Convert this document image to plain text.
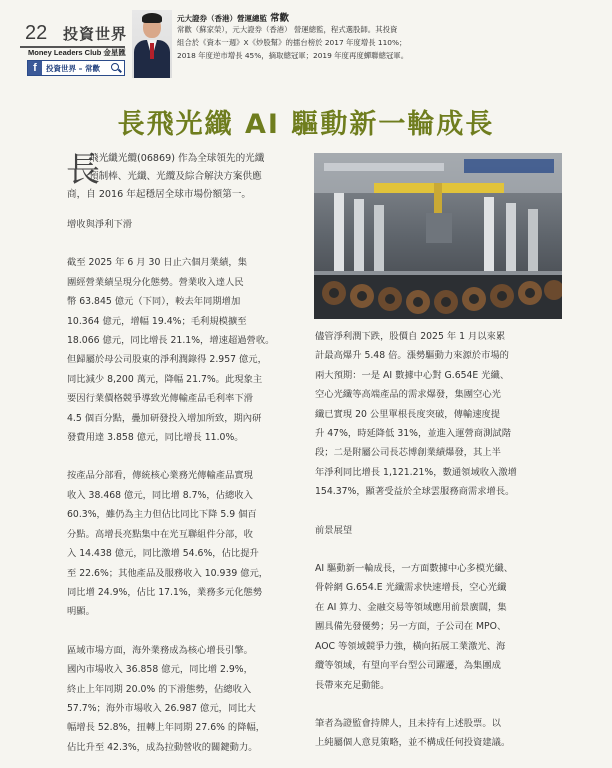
22 投資世界
Money Leaders Club 金星匯
f	投資世界 – 常歡
元大證券（香港）營運總監 常歡
常歡（蘇家榮），元大證券（香港） 營運總監，程式選股師。其投資
組合於《資本一週》X《炒股幫》的擂台榜於 2017 年度增長 110%；
2018 年度逆市增長 45%，摘取總冠軍；2019 年度再度蟬聯總冠軍。
長飛光纖 AI 驅動新一輪成長
長
飛光纖光纜(06869) 作為全球領先的光纖
預制棒、光纖、光纜及綜合解決方案供應
商，自 2016 年起穩居全球市場份額第一。
增收與淨利下滑

截至 2025 年 6 月 30 日止六個月業績，集
團經營業績呈現分化態勢。營業收入達人民
幣 63.845 億元（下同），較去年同期增加
10.364 億元，增幅 19.4%；毛利規模擴至
18.066 億元，同比增長 21.1%，增速超過營收。
但歸屬於母公司股東的淨利潤錄得 2.957 億元，
同比減少 8,200 萬元，降幅 21.7%。此現象主
要因行業價格競爭導致光傳輸產品毛利率下滑
4.5 個百分點，疊加研發投入增加所致，期內研
發費用達 3.858 億元，同比增長 11.0%。

按產品分部看，傳統核心業務光傳輸產品實現
收入 38.468 億元，同比增 8.7%，佔總收入
60.3%，雖仍為主力但佔比同比下降 5.9 個百
分點。高增長亮點集中在光互聯組件分部，收
入 14.438 億元，同比激增 54.6%，佔比提升
至 22.6%；其他產品及服務收入 10.939 億元，
同比增 24.9%，佔比 17.1%，業務多元化態勢
明顯。

區域市場方面，海外業務成為核心增長引擎。
國內市場收入 36.858 億元，同比增 2.9%，
終止上年同期 20.0% 的下滑態勢，佔總收入
57.7%；海外市場收入 26.987 億元，同比大
幅增長 52.8%，扭轉上年同期 27.6% 的降幅，
佔比升至 42.3%，成為拉動營收的關鍵動力。

儘管淨利潤下跌，股價自 2025 年 1 月以來累
計最高爆升 5.48 倍。漲勢驅動力來源於市場的
兩大預期：一是 AI 數據中心對 G.654E 光纖、
空心光纖等高端產品的需求爆發，集團空心光
纖已實現 20 公里單根長度突破，傳輸速度提
升 47%，時延降低 31%，並進入運營商測試階
段；二是附屬公司長芯博創業績爆發，其上半
年淨利同比增長 1,121.21%，數通領域收入激增
154.37%，顯著受益於全球雲服務商需求增長。

前景展望

AI 驅動新一輪成長，一方面數據中心多模光纖、
骨幹網 G.654.E 光纖需求快速增長，空心光纖
在 AI 算力、金融交易等領域應用前景廣闊，集
團具備先發優勢；另一方面，子公司在 MPO、
AOC 等領域競爭力強，橫向拓展工業激光、海
纜等領域，有望向平台型公司躍遷，為集團成
長帶來充足動能。

筆者為證監會持牌人，且未持有上述股票。以
上純屬個人意見策略，並不構成任何投資建議。
